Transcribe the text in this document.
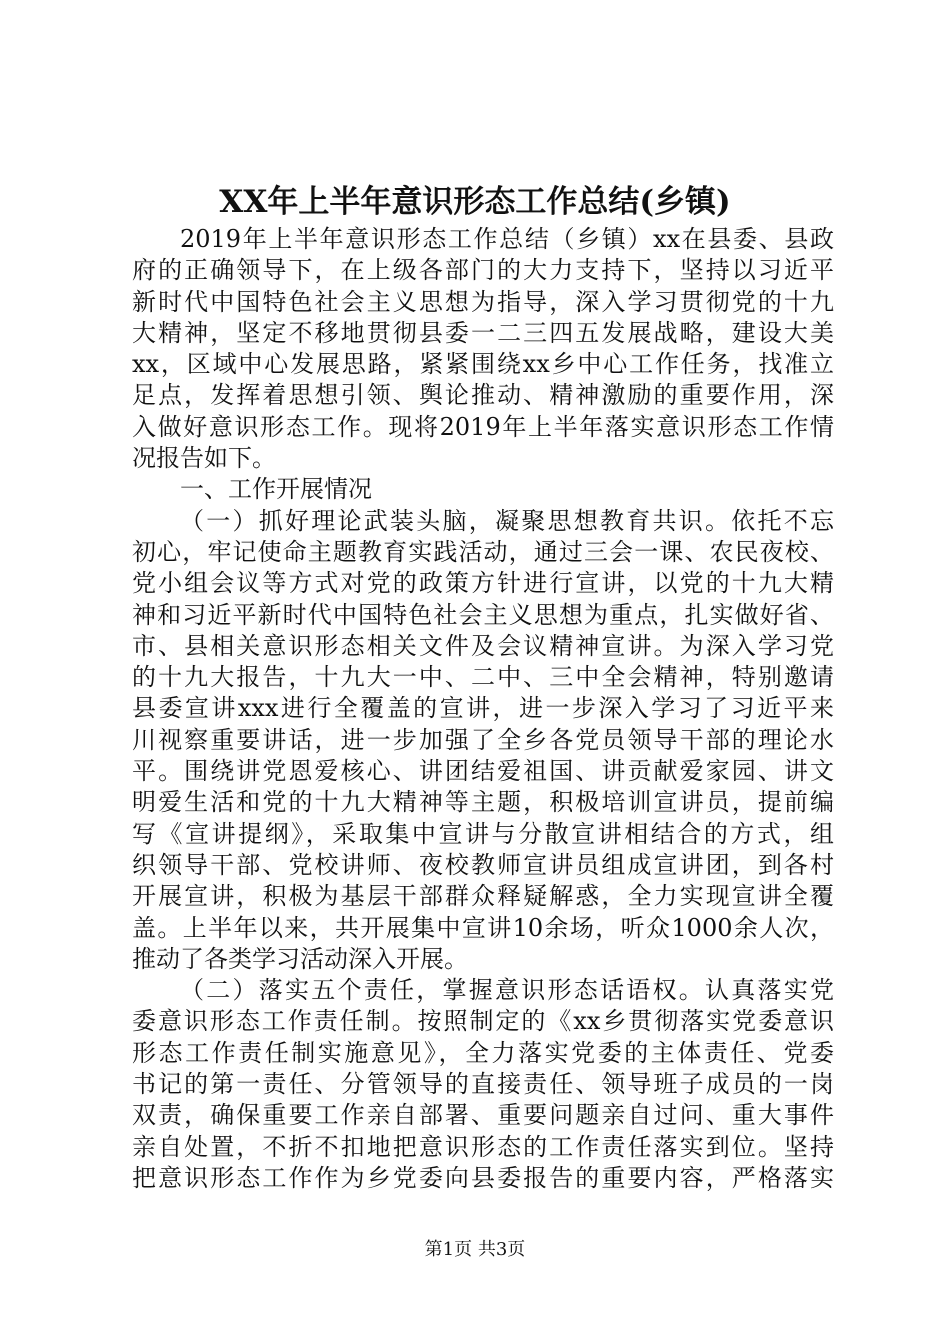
XX年上半年意识形态工作总结(乡镇)
2019年上半年意识形态工作总结（乡镇）xx在县委、县政
府的正确领导下，在上级各部门的大力支持下，坚持以习近平
新时代中国特色社会主义思想为指导，深入学习贯彻党的十九
大精神，坚定不移地贯彻县委一二三四五发展战略，建设大美
xx，区域中心发展思路，紧紧围绕xx乡中心工作任务，找准立
足点，发挥着思想引领、舆论推动、精神激励的重要作用，深
入做好意识形态工作。现将2019年上半年落实意识形态工作情
况报告如下。
一、工作开展情况
（一）抓好理论武装头脑，凝聚思想教育共识。依托不忘
初心，牢记使命主题教育实践活动，通过三会一课、农民夜校、
党小组会议等方式对党的政策方针进行宣讲，以党的十九大精
神和习近平新时代中国特色社会主义思想为重点，扎实做好省、
市、县相关意识形态相关文件及会议精神宣讲。为深入学习党
的十九大报告，十九大一中、二中、三中全会精神，特别邀请
县委宣讲xxx进行全覆盖的宣讲，进一步深入学习了习近平来
川视察重要讲话，进一步加强了全乡各党员领导干部的理论水
平。围绕讲党恩爱核心、讲团结爱祖国、讲贡献爱家园、讲文
明爱生活和党的十九大精神等主题，积极培训宣讲员，提前编
写《宣讲提纲》，采取集中宣讲与分散宣讲相结合的方式，组
织领导干部、党校讲师、夜校教师宣讲员组成宣讲团，到各村
开展宣讲，积极为基层干部群众释疑解惑，全力实现宣讲全覆
盖。上半年以来，共开展集中宣讲10余场，听众1000余人次，
推动了各类学习活动深入开展。
（二）落实五个责任，掌握意识形态话语权。认真落实党
委意识形态工作责任制。按照制定的《xx乡贯彻落实党委意识
形态工作责任制实施意见》，全力落实党委的主体责任、党委
书记的第一责任、分管领导的直接责任、领导班子成员的一岗
双责，确保重要工作亲自部署、重要问题亲自过问、重大事件
亲自处置，不折不扣地把意识形态的工作责任落实到位。坚持
把意识形态工作作为乡党委向县委报告的重要内容，严格落实
第1页 共3页
